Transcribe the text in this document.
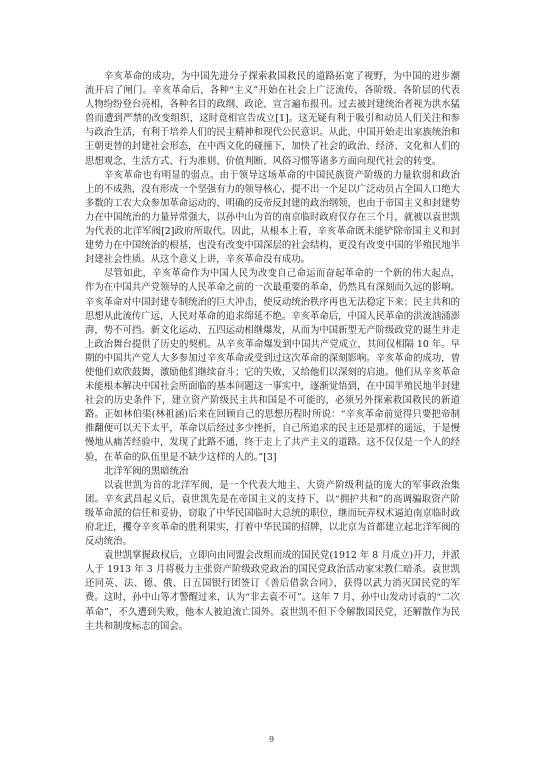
辛亥革命的成功，为中国先进分子探索救国救民的道路拓宽了视野，为中国的进步潮流开启了闸门。辛亥革命后，各种“主义”开始在社会上广泛流传，各阶级、各阶层的代表人物纷纷登台亮相，各种名目的政纲、政论、宣言遍布报刊。过去被封建统治者视为洪水猛兽而遭到严禁的改变组织，这时竟相宣告成立[1]。这无疑有利于吸引和动员人们关注和参与政治生活，有利于培养人们的民主精神和现代公民意识。从此，中国开始走出家族统治和王朝更替的封建社会形态，在中西文化的碰撞下，加快了社会的政治、经济、文化和人们的思想观念、生活方式、行为准则、价值判断、风俗习惯等诸多方面向现代社会的转变。

辛亥革命也有明显的弱点。由于领导这场革命的中国民族资产阶级的力量软弱和政治上的不成熟，没有形成一个坚强有力的领导核心，提不出一个足以广泛动员占全国人口绝大多数的工农大众参加革命运动的、明确的反帝反封建的政治纲领，也由于帝国主义和封建势力在中国统治的力量异常强大，以孙中山为首的南京临时政府仅存在三个月，就被以袁世凯为代表的北洋军阀[2]政府所取代。因此，从根本上看，辛亥革命既未能铲除帝国主义和封建势力在中国统治的根基，也没有改变中国深层的社会结构，更没有改变中国的半殖民地半封建社会性质。从这个意义上讲，辛亥革命没有成功。

尽管如此，辛亥革命作为中国人民为改变自己命运而奋起革命的一个新的伟大起点，作为在中国共产党领导的人民革命之前的一次最重要的革命，仍然具有深刻而久远的影响。辛亥革命对中国封建专制统治的巨大冲击，使反动统治秩序再也无法稳定下来；民主共和的思想从此流传广远，人民对革命的追求绵延不绝。辛亥革命后，中国人民革命的洪流汹涌澎湃，势不可挡。新文化运动、五四运动相继爆发，从而为中国新型无产阶级政党的诞生并走上政治舞台提供了历史的契机。从辛亥革命爆发到中国共产党成立，其间仅相隔 10 年。早期的中国共产党人大多参加过辛亥革命或受到过这次革命的深刻影响。辛亥革命的成功，曾使他们欢欣鼓舞，激励他们继续奋斗；它的失败，又给他们以深刻的启迪。他们从辛亥革命未能根本解决中国社会所面临的基本问题这一事实中，逐渐觉悟到，在中国半殖民地半封建社会的历史条件下，建立资产阶级民主共和国是不可能的，必须另外探索救国救民的新道路。正如林伯渠(林祖涵)后来在回顾自己的思想历程时所说：“辛亥革命前觉得只要把帝制推翻便可以天下太平，革命以后经过多少挫折，自己所追求的民主还是那样的遥远，于是慢慢地从痛苦经验中，发现了此路不通，终于走上了共产主义的道路。这不仅仅是一个人的经验，在革命的队伍里是不缺少这样的人的。”[3]

北洋军阀的黑暗统治

以袁世凯为首的北洋军阀，是一个代表大地主、大资产阶级利益的庞大的军事政治集团。辛亥武昌起义后，袁世凯先是在帝国主义的支持下，以“拥护共和”的高调骗取资产阶级革命派的信任和妥协，窃取了中华民国临时大总统的职位，继而玩弄权术逼迫南京临时政府北迁，攫夺辛亥革命的胜利果实，打着中华民国的招牌，以北京为首都建立起北洋军阀的反动统治。

袁世凯掌握政权后，立即向由同盟会改组而成的国民党(1912 年 8 月成立)开刀，并派人于 1913 年 3 月将极力主张资产阶级政党政治的国民党政治活动家宋教仁暗杀。袁世凯还同英、法、德、俄、日五国银行团签订《善后借款合同》，获得以武力消灭国民党的军费。这时，孙中山等才警醒过来，认为“非去袁不可”。这年 7 月，孙中山发动讨袁的“二次革命”，不久遭到失败，他本人被迫流亡国外。袁世凯不但下令解散国民党，还解散作为民主共和制度标志的国会。

9
